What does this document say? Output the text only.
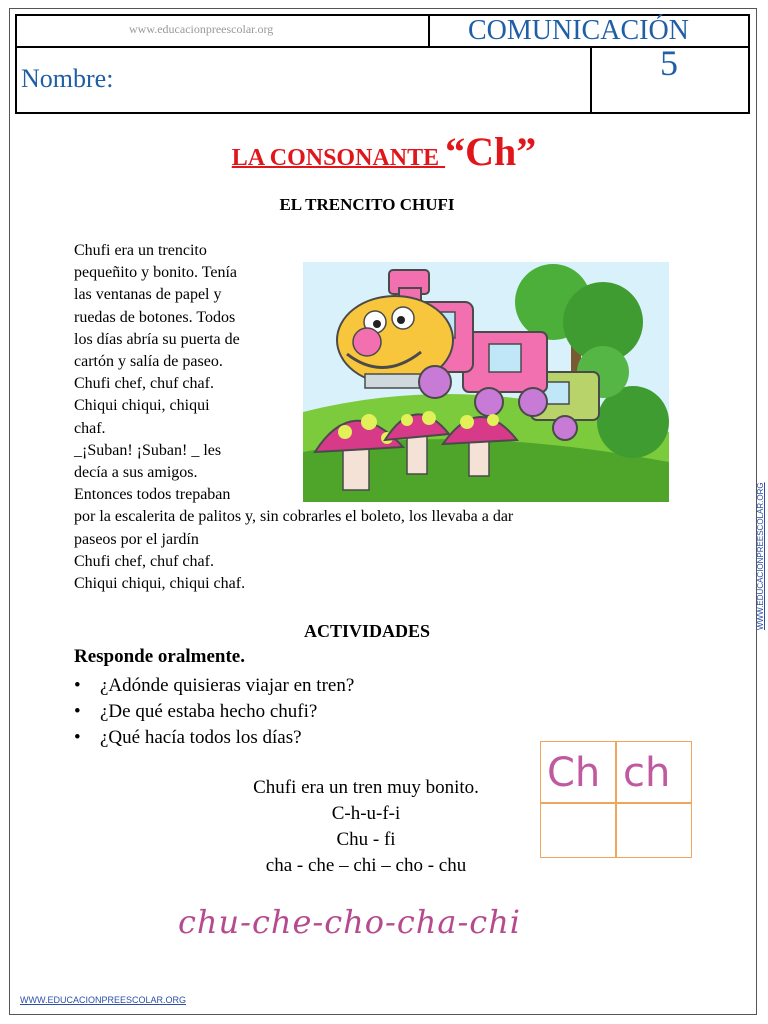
www.educacionpreescolar.org	COMUNICACIÓN
Nombre:	5
LA CONSONANTE “Ch”
EL TRENCITO CHUFI
Chufi era un trencito
pequeñito y bonito. Tenía
las ventanas de papel y
ruedas de botones. Todos
los días abría su puerta de
cartón y salía de paseo.
Chufi chef, chuf chaf.
Chiqui chiqui, chiqui
chaf.
_¡Suban! ¡Suban! _ les
decía a sus amigos.
Entonces todos trepaban
por la escalerita de palitos y, sin cobrarles el boleto, los llevaba a dar
paseos por el jardín
Chufi chef, chuf chaf.
Chiqui chiqui, chiqui chaf.
ACTIVIDADES
Responde oralmente.
• ¿Adónde quisieras viajar en tren?
• ¿De qué estaba hecho chufi?
• ¿Qué hacía todos los días?
Chufi era un tren muy bonito.
C-h-u-f-i
Chu - fi
cha - che – chi – cho - chu
Ch ch
chu-che-cho-cha-chi
WWW.EDUCACIONPREESCOLAR.ORG
WWW.EDUCACIONPREESCOLAR.ORG
